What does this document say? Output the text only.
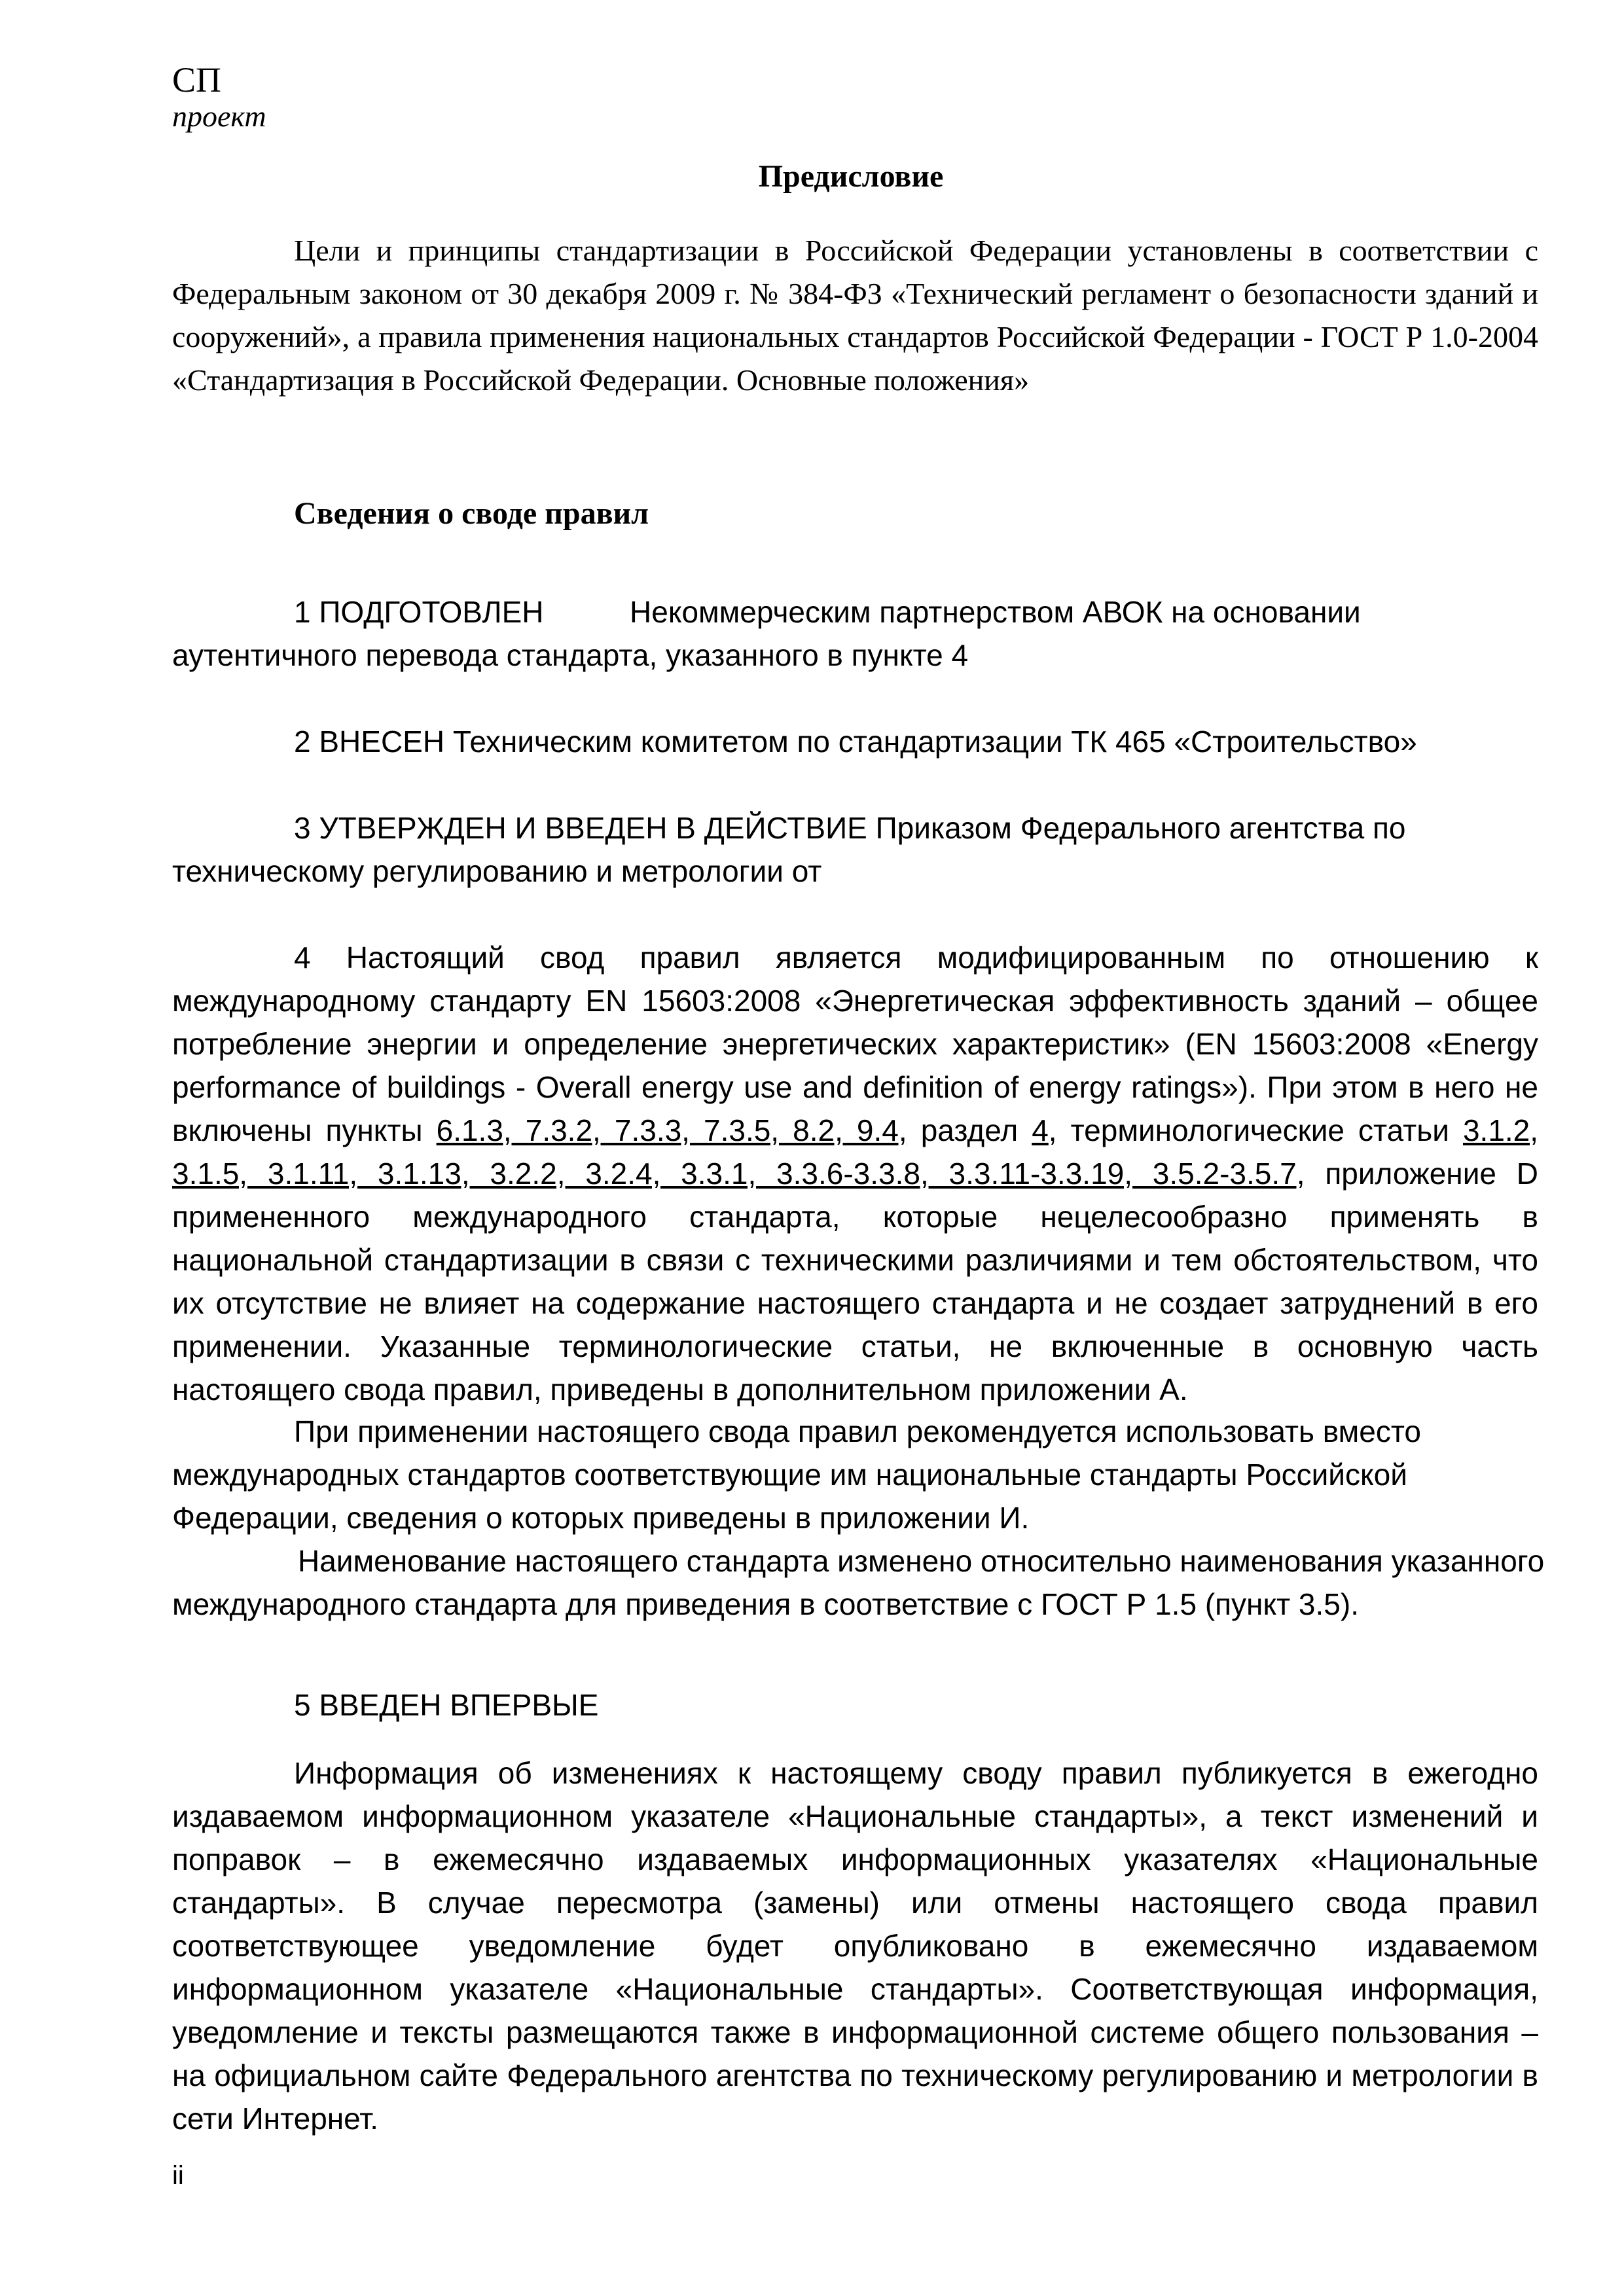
СП
проект
Предисловие
Цели и принципы стандартизации в Российской Федерации установлены в соответствии с Федеральным законом от 30 декабря 2009 г. № 384-ФЗ «Технический регламент о безопасности зданий и сооружений», а правила применения национальных стандартов Российской Федерации - ГОСТ Р 1.0-2004 «Стандартизация в Российской Федерации. Основные положения»
Сведения о своде правил
1 ПОДГОТОВЛЕН	Некоммерческим партнерством АВОК на основании
аутентичного перевода стандарта, указанного в пункте 4
2 ВНЕСЕН Техническим комитетом по стандартизации ТК 465 «Строительство»
3 УТВЕРЖДЕН И ВВЕДЕН В ДЕЙСТВИЕ Приказом Федерального агентства по
техническому регулированию и метрологии от
4 Настоящий свод правил является модифицированным по отношению к международному стандарту EN 15603:2008 «Энергетическая эффективность зданий – общее потребление энергии и определение энергетических характеристик» (EN 15603:2008 «Energy performance of buildings - Overall energy use and definition of energy ratings»). При этом в него не включены пункты 6.1.3, 7.3.2, 7.3.3, 7.3.5, 8.2, 9.4, раздел 4, терминологические статьи 3.1.2, 3.1.5, 3.1.11, 3.1.13, 3.2.2, 3.2.4, 3.3.1, 3.3.6-3.3.8, 3.3.11-3.3.19, 3.5.2-3.5.7, приложение D примененного международного стандарта, которые нецелесообразно применять в национальной стандартизации в связи с техническими различиями и тем обстоятельством, что их отсутствие не влияет на содержание настоящего стандарта и не создает затруднений в его применении. Указанные терминологические статьи, не включенные в основную часть настоящего свода правил, приведены в дополнительном приложении А.
При применении настоящего свода правил рекомендуется использовать вместо
международных стандартов соответствующие им национальные стандарты Российской
Федерации, сведения о которых приведены в приложении И.
Наименование настоящего стандарта изменено относительно наименования указанного
международного стандарта для приведения в соответствие с ГОСТ Р 1.5 (пункт 3.5).
5 ВВЕДЕН ВПЕРВЫЕ
Информация об изменениях к настоящему своду правил публикуется в ежегодно издаваемом информационном указателе «Национальные стандарты», а текст изменений и поправок – в ежемесячно издаваемых информационных указателях «Национальные стандарты». В случае пересмотра (замены) или отмены настоящего свода правил соответствующее уведомление будет опубликовано в ежемесячно издаваемом информационном указателе «Национальные стандарты». Соответствующая информация, уведомление и тексты размещаются также в информационной системе общего пользования – на официальном сайте Федерального агентства по техническому регулированию и метрологии в сети Интернет.
ii
